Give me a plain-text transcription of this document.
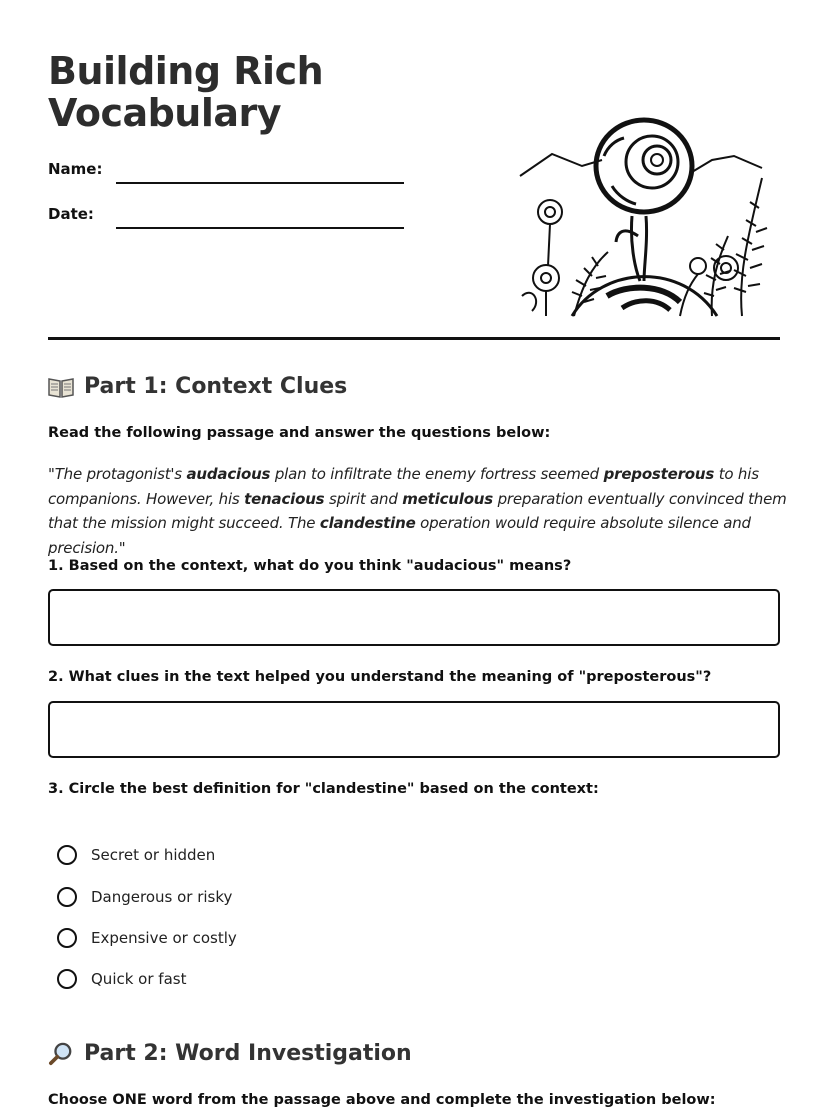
Building Rich
Vocabulary
Name:
Date:
Part 1: Context Clues
Read the following passage and answer the questions below:
"The protagonist's audacious plan to infiltrate the enemy fortress seemed preposterous to his companions. However, his tenacious spirit and meticulous preparation eventually convinced them that the mission might succeed. The clandestine operation would require absolute silence and precision."
1. Based on the context, what do you think "audacious" means?
2. What clues in the text helped you understand the meaning of "preposterous"?
3. Circle the best definition for "clandestine" based on the context:
Secret or hidden
Dangerous or risky
Expensive or costly
Quick or fast
Part 2: Word Investigation
Choose ONE word from the passage above and complete the investigation below:
